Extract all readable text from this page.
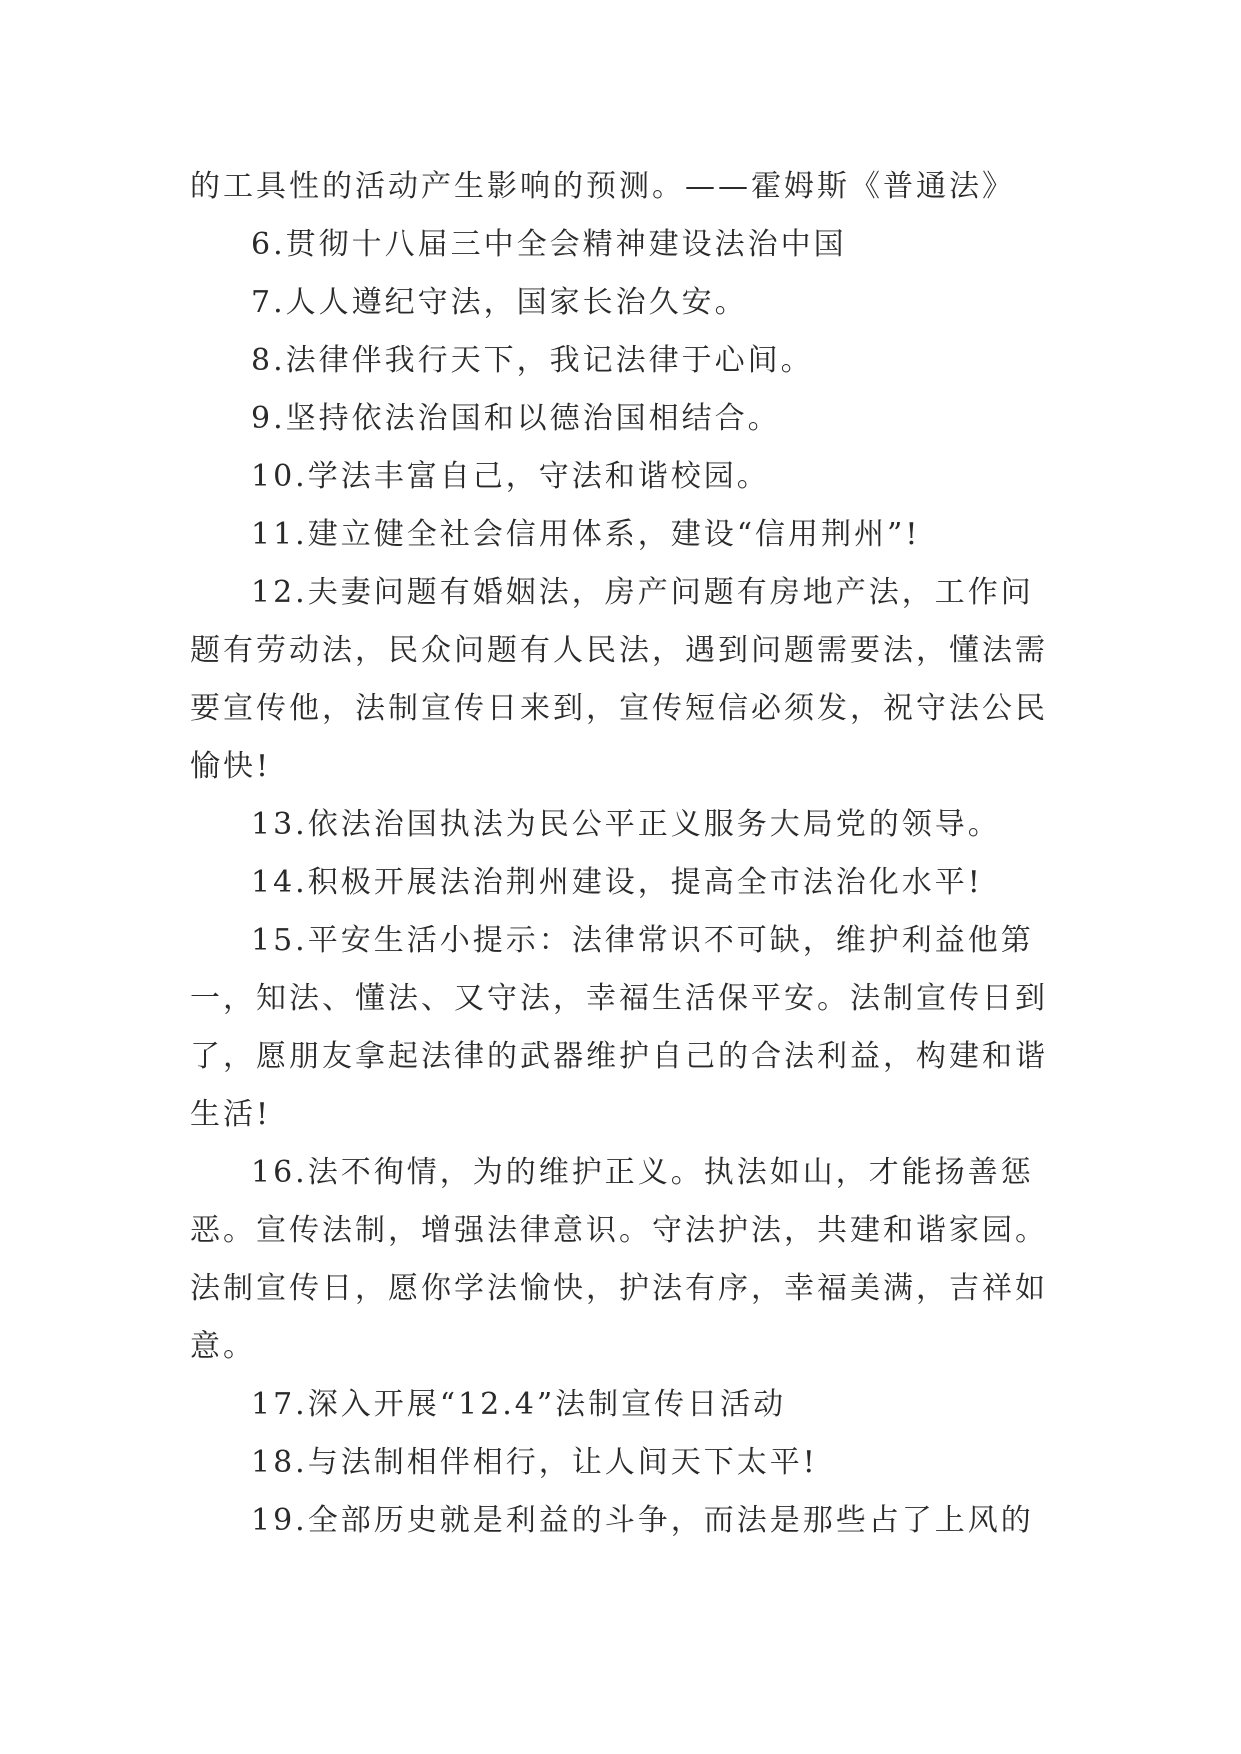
的工具性的活动产生影响的预测。——霍姆斯《普通法》
6.贯彻十八届三中全会精神建设法治中国
7.人人遵纪守法，国家长治久安。
8.法律伴我行天下，我记法律于心间。
9.坚持依法治国和以德治国相结合。
10.学法丰富自己，守法和谐校园。
11.建立健全社会信用体系，建设“信用荆州”!
12.夫妻问题有婚姻法，房产问题有房地产法，工作问
题有劳动法，民众问题有人民法，遇到问题需要法，懂法需
要宣传他，法制宣传日来到，宣传短信必须发，祝守法公民
愉快!
13.依法治国执法为民公平正义服务大局党的领导。
14.积极开展法治荆州建设，提高全市法治化水平!
15.平安生活小提示：法律常识不可缺，维护利益他第
一，知法、懂法、又守法，幸福生活保平安。法制宣传日到
了，愿朋友拿起法律的武器维护自己的合法利益，构建和谐
生活!
16.法不徇情，为的维护正义。执法如山，才能扬善惩
恶。宣传法制，增强法律意识。守法护法，共建和谐家园。
法制宣传日，愿你学法愉快，护法有序，幸福美满，吉祥如
意。
17.深入开展“12.4”法制宣传日活动
18.与法制相伴相行，让人间天下太平!
19.全部历史就是利益的斗争，而法是那些占了上风的
